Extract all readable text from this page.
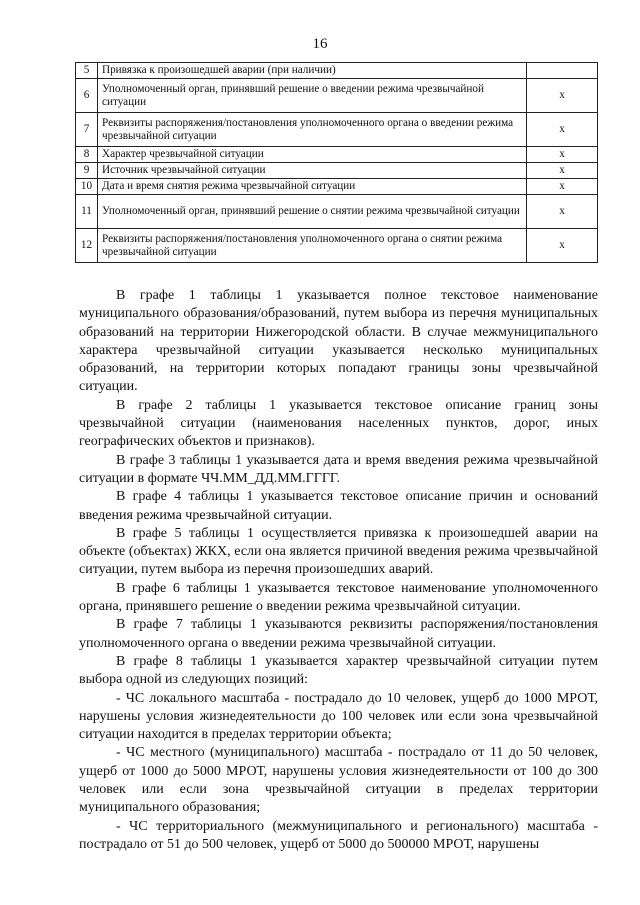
16
5	Привязка к произошедшей аварии (при наличии)	
6	Уполномоченный орган, принявший решение о введении режима чрезвычайной ситуации	х
7	Реквизиты распоряжения/постановления уполномоченного органа о введении режима чрезвычайной ситуации	х
8	Характер чрезвычайной ситуации	х
9	Источник чрезвычайной ситуации	х
10	Дата и время снятия режима чрезвычайной ситуации	х
11	Уполномоченный орган, принявший решение о снятии режима чрезвычайной ситуации	х
12	Реквизиты распоряжения/постановления уполномоченного органа о снятии режима чрезвычайной ситуации	х

В графе 1 таблицы 1 указывается полное текстовое наименование муниципального образования/образований, путем выбора из перечня муниципальных образований на территории Нижегородской области. В случае межмуниципального характера чрезвычайной ситуации указывается несколько муниципальных образований, на территории которых попадают границы зоны чрезвычайной ситуации.

В графе 2 таблицы 1 указывается текстовое описание границ зоны чрезвычайной ситуации (наименования населенных пунктов, дорог, иных географических объектов и признаков).

В графе 3 таблицы 1 указывается дата и время введения режима чрезвычайной ситуации в формате ЧЧ.ММ_ДД.ММ.ГГГГ.

В графе 4 таблицы 1 указывается текстовое описание причин и оснований введения режима чрезвычайной ситуации.

В графе 5 таблицы 1 осуществляется привязка к произошедшей аварии на объекте (объектах) ЖКХ, если она является причиной введения режима чрезвычайной ситуации, путем выбора из перечня произошедших аварий.

В графе 6 таблицы 1 указывается текстовое наименование уполномоченного органа, принявшего решение о введении режима чрезвычайной ситуации.

В графе 7 таблицы 1 указываются реквизиты распоряжения/постановления уполномоченного органа о введении режима чрезвычайной ситуации.

В графе 8 таблицы 1 указывается характер чрезвычайной ситуации путем выбора одной из следующих позиций:

- ЧС локального масштаба - пострадало до 10 человек, ущерб до 1000 МРОТ, нарушены условия жизнедеятельности до 100 человек или если зона чрезвычайной ситуации находится в пределах территории объекта;

- ЧС местного (муниципального) масштаба - пострадало от 11 до 50 человек, ущерб от 1000 до 5000 МРОТ, нарушены условия жизнедеятельности от 100 до 300 человек или если зона чрезвычайной ситуации в пределах территории муниципального образования;

- ЧС территориального (межмуниципального и регионального) масштаба - пострадало от 51 до 500 человек, ущерб от 5000 до 500000 МРОТ, нарушены
